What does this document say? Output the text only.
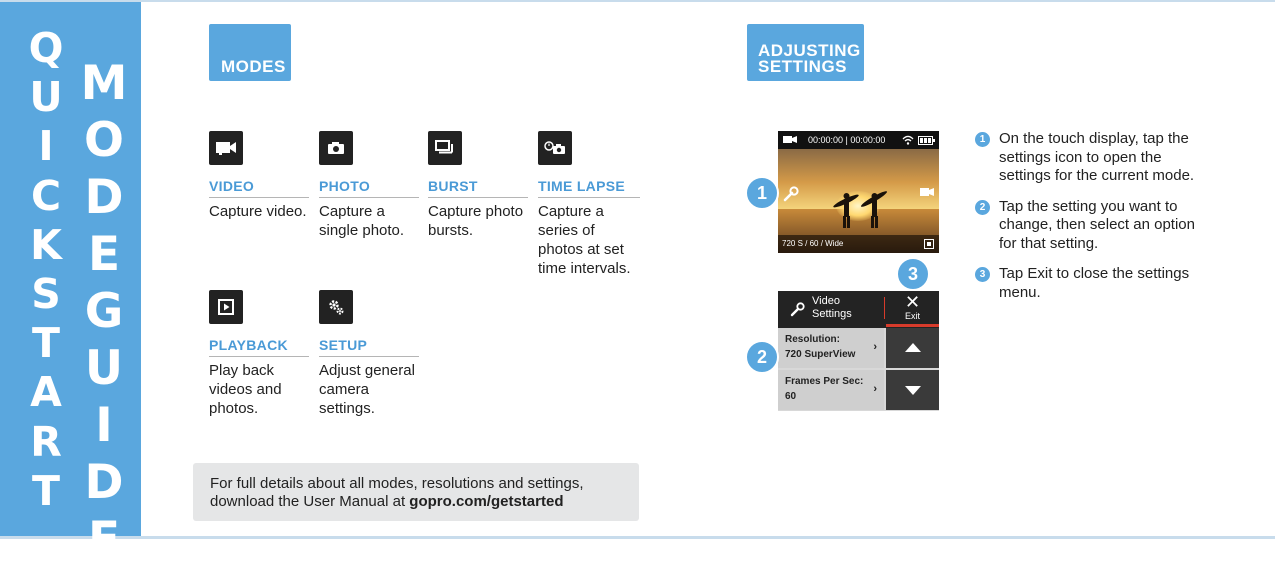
Q
U
I
C
K
S
T
A
R
T
M
O
D
E
G
U
I
D
E
MODES
ADJUSTING
SETTINGS
VIDEO
Capture video.
PHOTO
Capture a
single photo.
BURST
Capture photo
bursts.
TIME LAPSE
Capture a
series of
photos at set
time intervals.
PLAYBACK
Play back
videos and
photos.
SETUP
Adjust general
camera
settings.
For full details about all modes, resolutions and settings,
download the User Manual at gopro.com/getstarted
00:00:00 | 00:00:00
720 S / 60 / Wide
Video
Settings
✕
Exit
Resolution:
720 SuperView
›
Frames Per Sec:
60
›
1
2
3
1 On the touch display, tap the settings icon to open the settings for the current mode.
2 Tap the setting you want to change, then select an option for that setting.
3 Tap Exit to close the settings menu.
